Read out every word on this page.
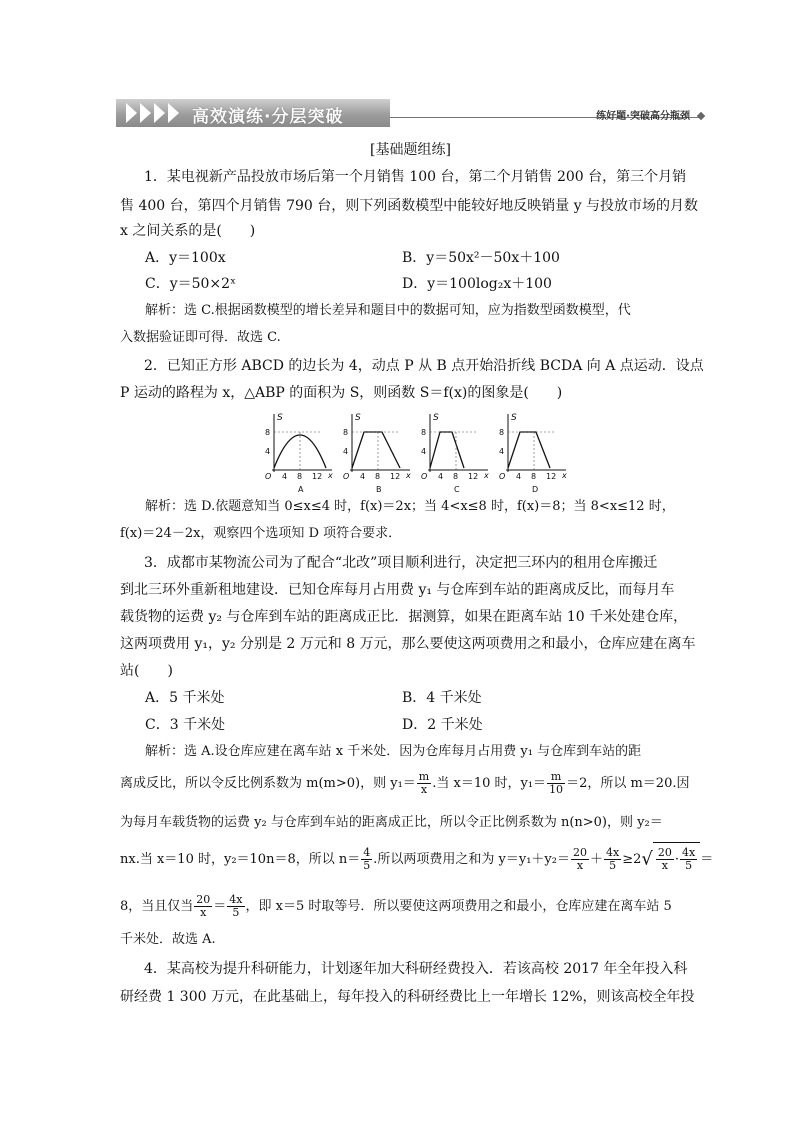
高效演练·分层突破	练好题·突破高分瓶颈
[基础题组练]
1．某电视新产品投放市场后第一个月销售 100 台，第二个月销售 200 台，第三个月销
售 400 台，第四个月销售 790 台，则下列函数模型中能较好地反映销量 y 与投放市场的月数
x 之间关系的是(　　)
A．y＝100x	B．y＝50x²－50x＋100
C．y＝50×2ˣ	D．y＝100log₂x＋100
解析：选 C.根据函数模型的增长差异和题目中的数据可知，应为指数型函数模型，代
入数据验证即可得．故选 C.
2．已知正方形 ABCD 的边长为 4，动点 P 从 B 点开始沿折线 BCDA 向 A 点运动．设点
P 运动的路程为 x，△ABP 的面积为 S，则函数 S＝f(x)的图象是(　　)
S
x
8
4
O 4 8 12
A
S
x
8
4
O 4 8 12
B
S
x
8
4
O 4 8 12
C
S
x
8
4
O 4 8 12
D
解析：选 D.依题意知当 0≤x≤4 时，f(x)＝2x；当 4<x≤8 时，f(x)＝8；当 8<x≤12 时，
f(x)＝24－2x，观察四个选项知 D 项符合要求．
3．成都市某物流公司为了配合“北改”项目顺利进行，决定把三环内的租用仓库搬迁
到北三环外重新租地建设．已知仓库每月占用费 y₁ 与仓库到车站的距离成反比，而每月车
载货物的运费 y₂ 与仓库到车站的距离成正比．据测算，如果在距离车站 10 千米处建仓库，
这两项费用 y₁，y₂ 分别是 2 万元和 8 万元，那么要使这两项费用之和最小，仓库应建在离车
站(　　)
A．5 千米处	B．4 千米处
C．3 千米处	D．2 千米处
解析：选 A.设仓库应建在离车站 x 千米处．因为仓库每月占用费 y₁ 与仓库到车站的距
离成反比，所以令反比例系数为 m(m>0)，则 $y_1= \frac{m}{x}$ .当 x＝10 时，$y_1= \frac{m}{10} =2$，所以 m＝20.因
为每月车载货物的运费 y₂ 与仓库到车站的距离成正比，所以令正比例系数为 n(n>0)，则 y₂＝
nx.当 x＝10 时，y₂＝10n＝8，所以 $n= \frac{4}{5}$ .所以两项费用之和为 $y=y_1+y_2= \frac{20}{x} + \frac{4x}{5} \ge 2√ \frac{20}{x} \cdot \frac{4x}{5}$ ＝
8，当且仅当 $\frac{20}{x} = \frac{4x}{5}$ ，即 x＝5 时取等号．所以要使这两项费用之和最小，仓库应建在离车站 5
千米处．故选 A.
4．某高校为提升科研能力，计划逐年加大科研经费投入．若该高校 2017 年全年投入科
研经费 1 300 万元，在此基础上，每年投入的科研经费比上一年增长 12%，则该高校全年投
